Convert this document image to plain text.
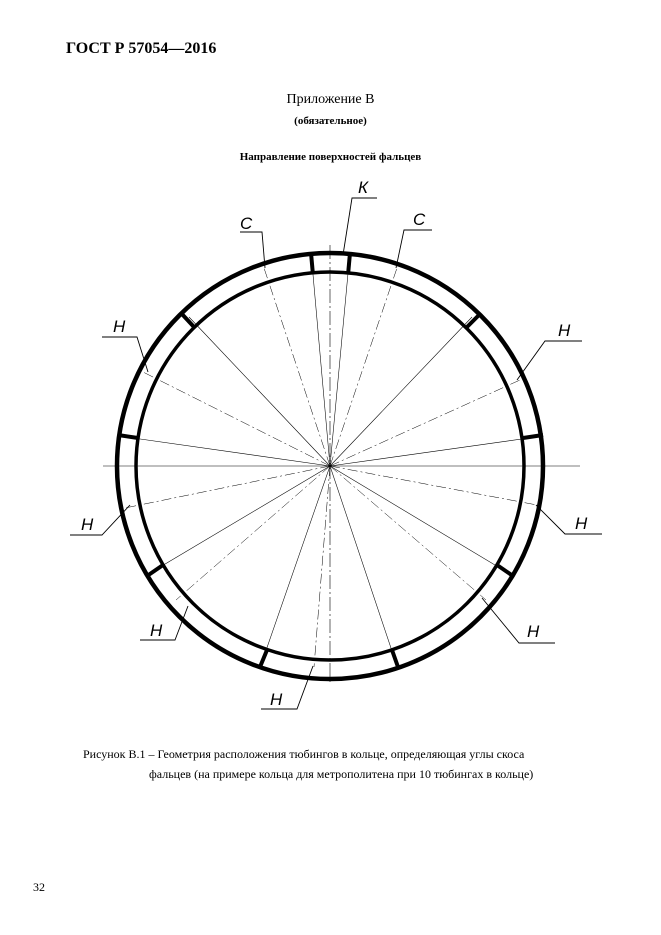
ГОСТ Р 57054—2016
Приложение В
(обязательное)
Направление поверхностей фальцев
К
С	С
Н	Н
Н	Н
Н	Н
Н
Рисунок В.1 – Геометрия расположения тюбингов в кольце, определяющая углы скоса
фальцев (на примере кольца для метрополитена при 10 тюбингах в кольце)
32
